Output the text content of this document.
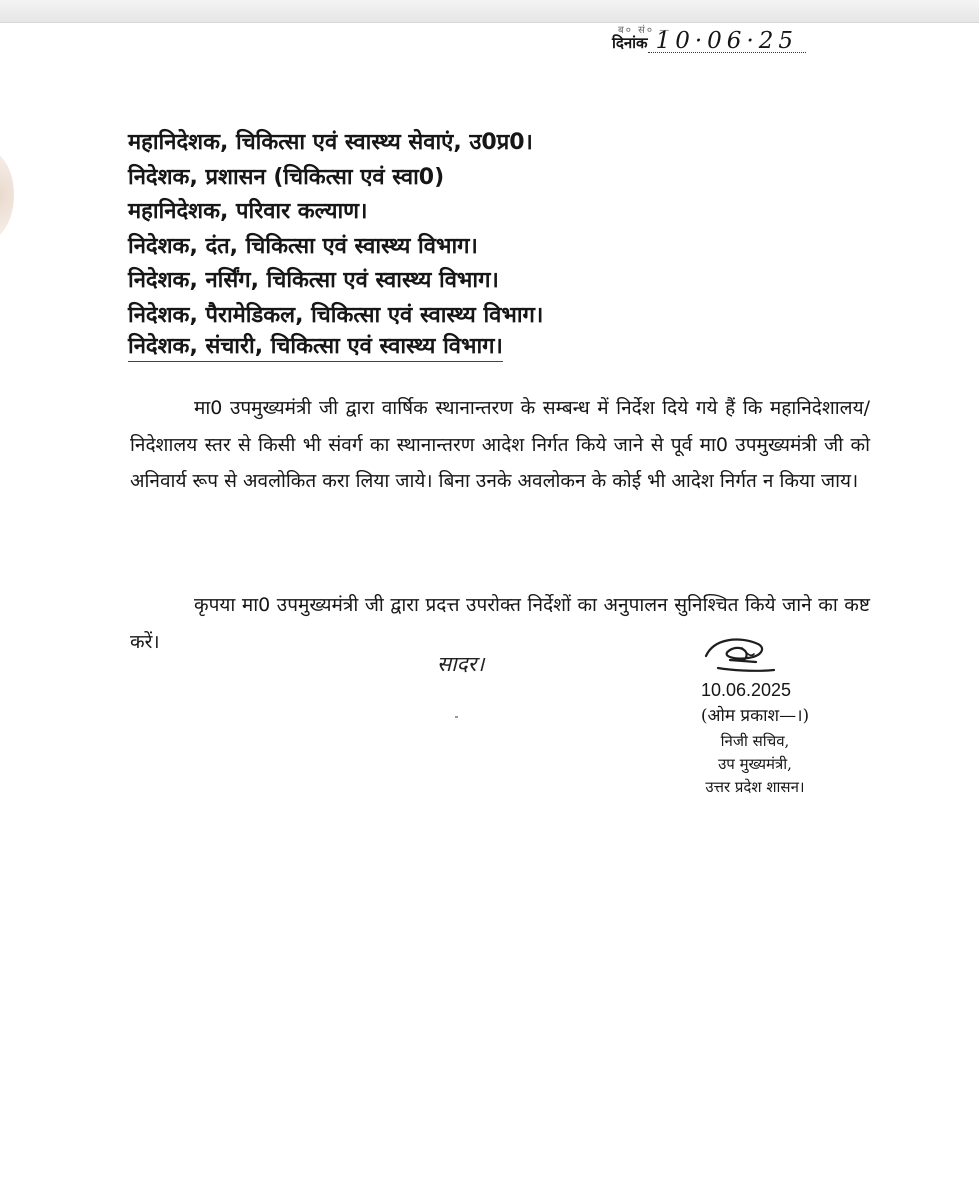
ब० सं० —
दिनांक 10·06·25
महानिदेशक, चिकित्सा एवं स्वास्थ्य सेवाएं, उ0प्र0।
निदेशक, प्रशासन (चिकित्सा एवं स्वा0)
महानिदेशक, परिवार कल्याण।
निदेशक, दंत, चिकित्सा एवं स्वास्थ्य विभाग।
निदेशक, नर्सिंग, चिकित्सा एवं स्वास्थ्य विभाग।
निदेशक, पैरामेडिकल, चिकित्सा एवं स्वास्थ्य विभाग।
निदेशक, संचारी, चिकित्सा एवं स्वास्थ्य विभाग।

मा0 उपमुख्यमंत्री जी द्वारा वार्षिक स्थानान्तरण के सम्बन्ध में निर्देश दिये गये हैं कि महानिदेशालय/निदेशालय स्तर से किसी भी संवर्ग का स्थानान्तरण आदेश निर्गत किये जाने से पूर्व मा0 उपमुख्यमंत्री जी को अनिवार्य रूप से अवलोकित करा लिया जाये। बिना उनके अवलोकन के कोई भी आदेश निर्गत न किया जाय।

कृपया मा0 उपमुख्यमंत्री जी द्वारा प्रदत्त उपरोक्त निर्देशों का अनुपालन सुनिश्चित किये जाने का कष्ट करें।

सादर।
10.06.2025
(ओम प्रकाश—।)
निजी सचिव,
उप मुख्यमंत्री,
उत्तर प्रदेश शासन।
